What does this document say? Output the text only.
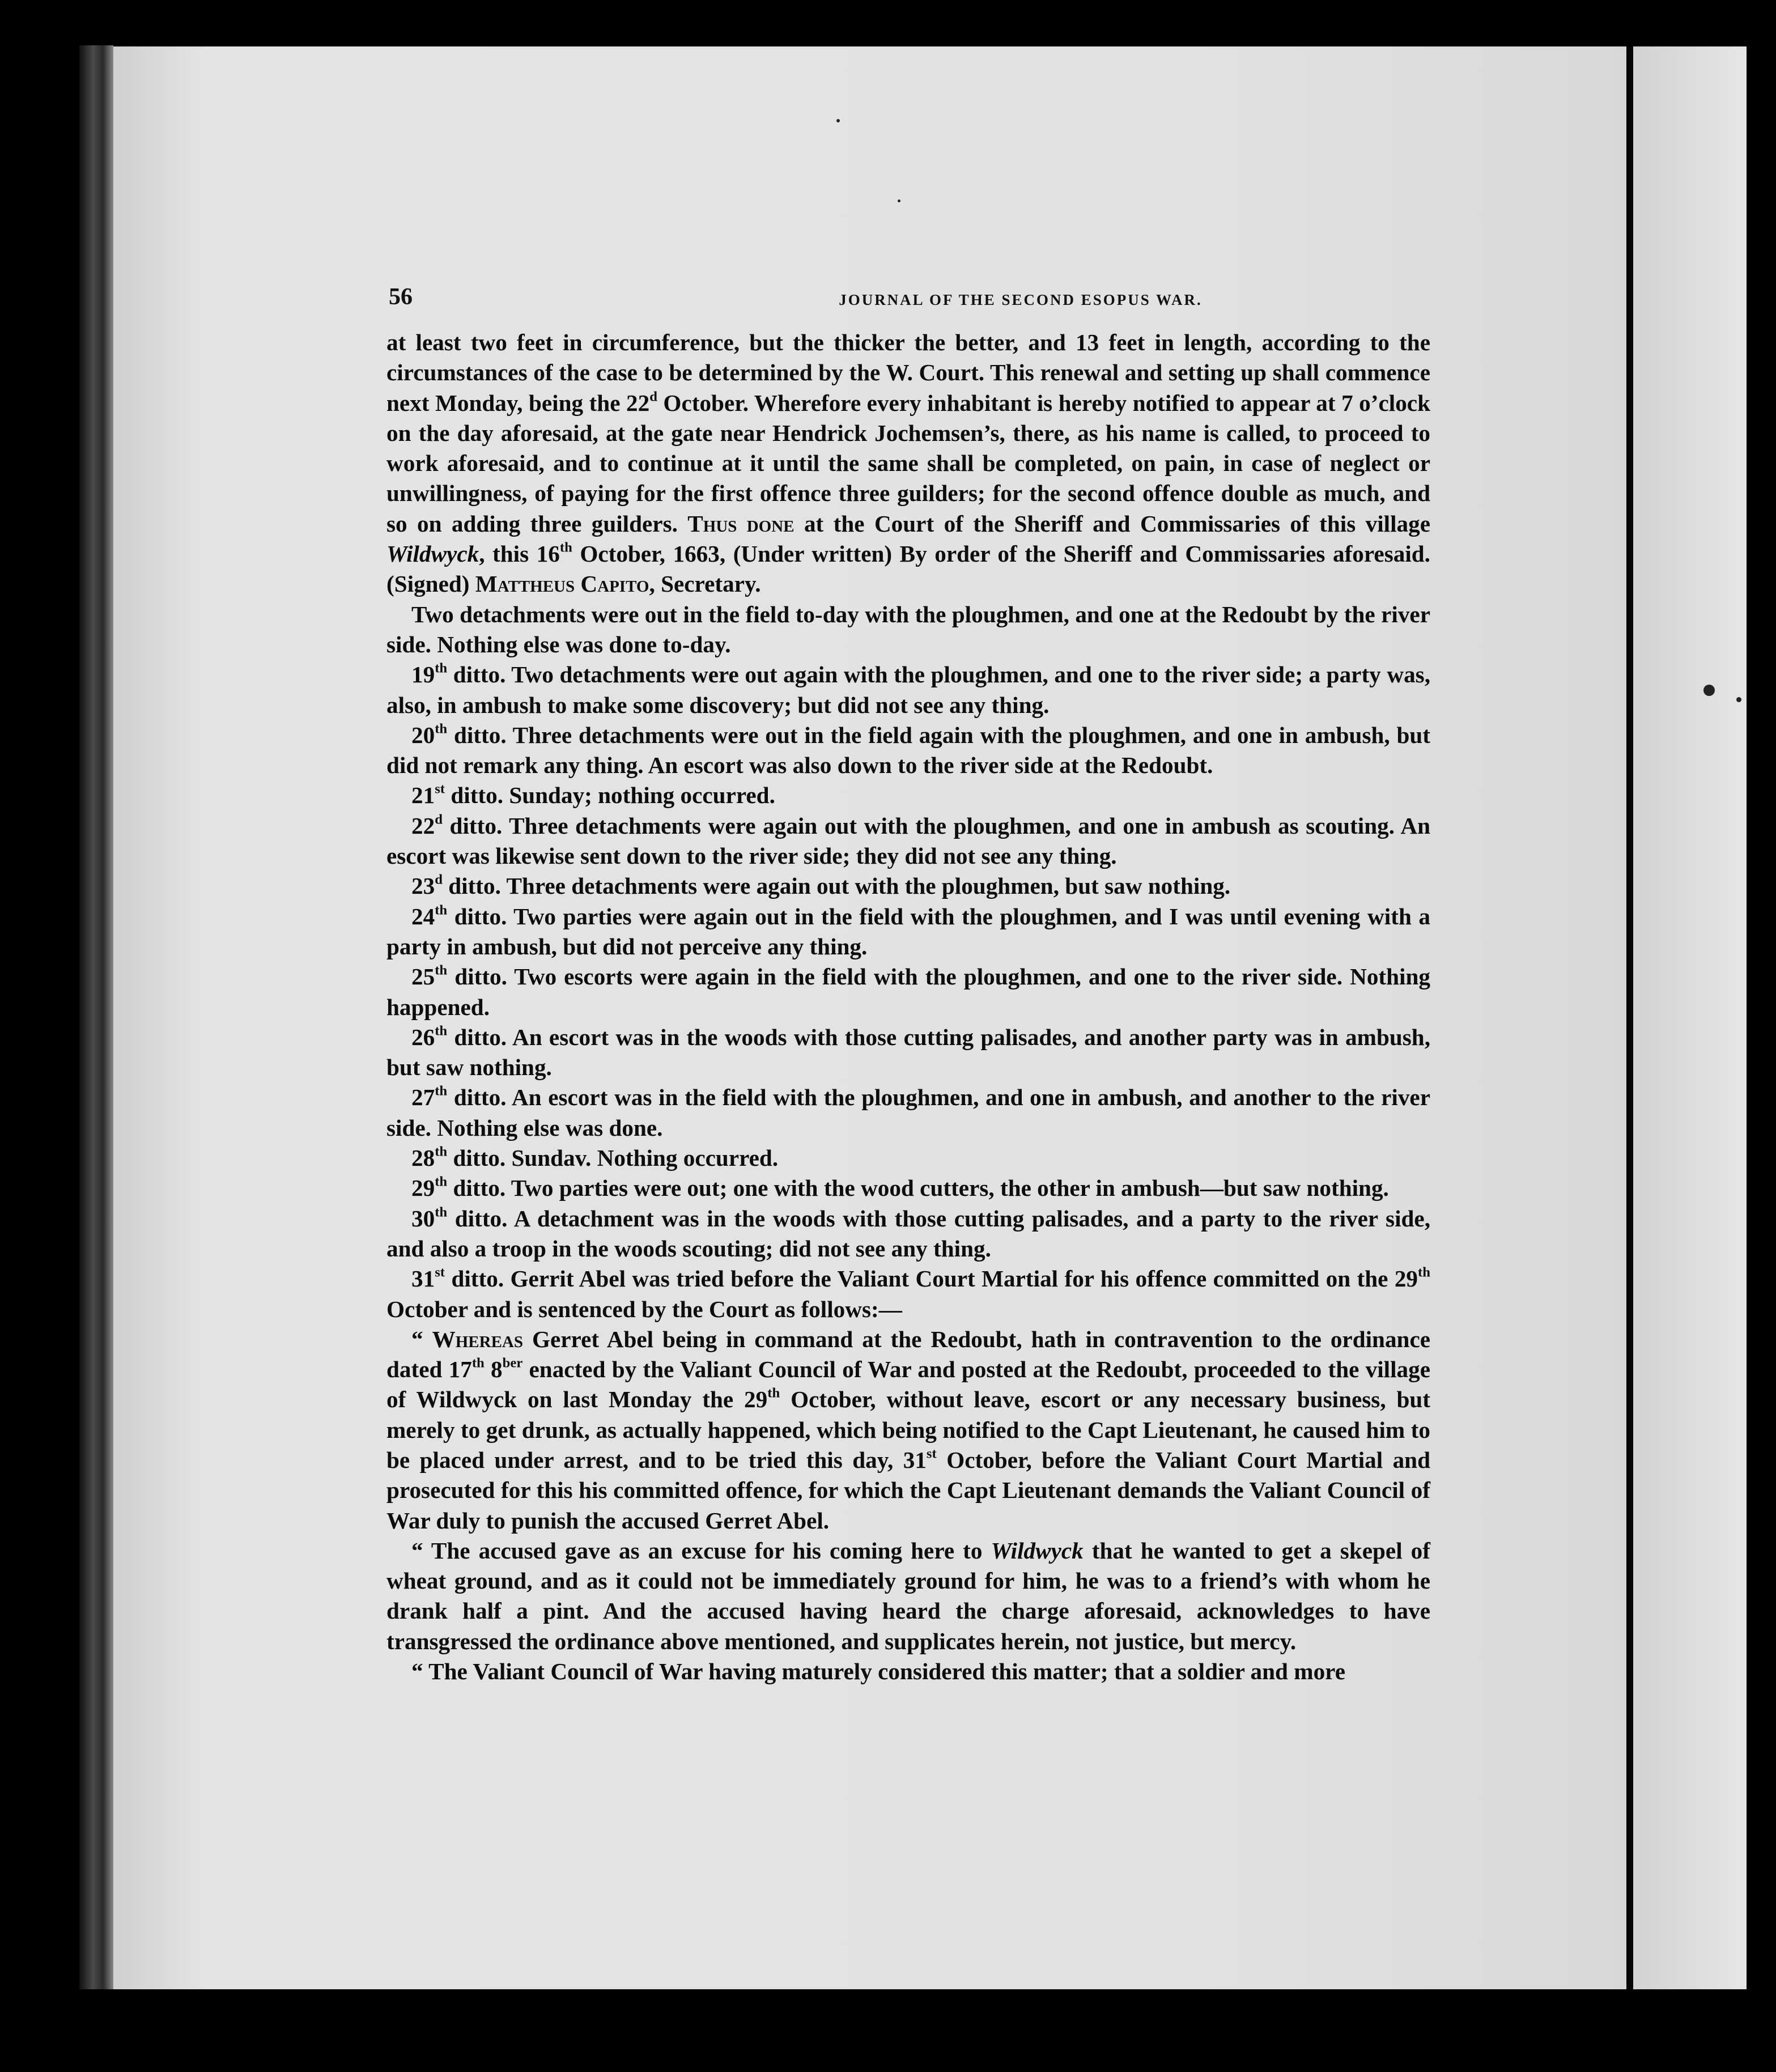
56	JOURNAL OF THE SECOND ESOPUS WAR.

at least two feet in circumference, but the thicker the better, and 13 feet in length, according to the circumstances of the case to be determined by the W. Court. This renewal and setting up shall commence next Monday, being the 22$^d$ October. Wherefore every inhabitant is hereby notified to appear at 7 o’clock on the day aforesaid, at the gate near Hendrick Jochemsen’s, there, as his name is called, to proceed to work aforesaid, and to continue at it until the same shall be completed, on pain, in case of neglect or unwillingness, of paying for the first offence three guilders; for the second offence double as much, and so on adding three guilders. Thus done at the Court of the Sheriff and Commissaries of this village Wildwyck, this 16th October, 1663, (Under written) By order of the Sheriff and Commissaries aforesaid. (Signed) Mattheus Capito, Secretary.

Two detachments were out in the field to-day with the ploughmen, and one at the Redoubt by the river side. Nothing else was done to-day.

19th ditto. Two detachments were out again with the ploughmen, and one to the river side; a party was, also, in ambush to make some discovery; but did not see any thing.

20th ditto. Three detachments were out in the field again with the ploughmen, and one in ambush, but did not remark any thing. An escort was also down to the river side at the Redoubt.

21st ditto. Sunday; nothing occurred.

22$^d$ ditto. Three detachments were again out with the ploughmen, and one in ambush as scouting. An escort was likewise sent down to the river side; they did not see any thing.

23$^d$ ditto. Three detachments were again out with the ploughmen, but saw nothing.

24th ditto. Two parties were again out in the field with the ploughmen, and I was until evening with a party in ambush, but did not perceive any thing.

25th ditto. Two escorts were again in the field with the ploughmen, and one to the river side. Nothing happened.

26th ditto. An escort was in the woods with those cutting palisades, and another party was in ambush, but saw nothing.

27th ditto. An escort was in the field with the ploughmen, and one in ambush, and another to the river side. Nothing else was done.

28th ditto. Sundav. Nothing occurred.

29th ditto. Two parties were out; one with the wood cutters, the other in ambush—but saw nothing.

30th ditto. A detachment was in the woods with those cutting palisades, and a party to the river side, and also a troop in the woods scouting; did not see any thing.

31st ditto. Gerrit Abel was tried before the Valiant Court Martial for his offence committed on the 29th October and is sentenced by the Court as follows:—

“ Whereas Gerret Abel being in command at the Redoubt, hath in contravention to the ordinance dated 17th $8^{ber}$ enacted by the Valiant Council of War and posted at the Redoubt, proceeded to the village of Wildwyck on last Monday the 29th October, without leave, escort or any necessary business, but merely to get drunk, as actually happened, which being notified to the Capt Lieutenant, he caused him to be placed under arrest, and to be tried this day, 31st October, before the Valiant Court Martial and prosecuted for this his committed offence, for which the Capt Lieutenant demands the Valiant Council of War duly to punish the accused Gerret Abel.

“ The accused gave as an excuse for his coming here to Wildwyck that he wanted to get a skepel of wheat ground, and as it could not be immediately ground for him, he was to a friend’s with whom he drank half a pint. And the accused having heard the charge aforesaid, acknowledges to have transgressed the ordinance above mentioned, and supplicates herein, not justice, but mercy.

“ The Valiant Council of War having maturely considered this matter; that a soldier and more
